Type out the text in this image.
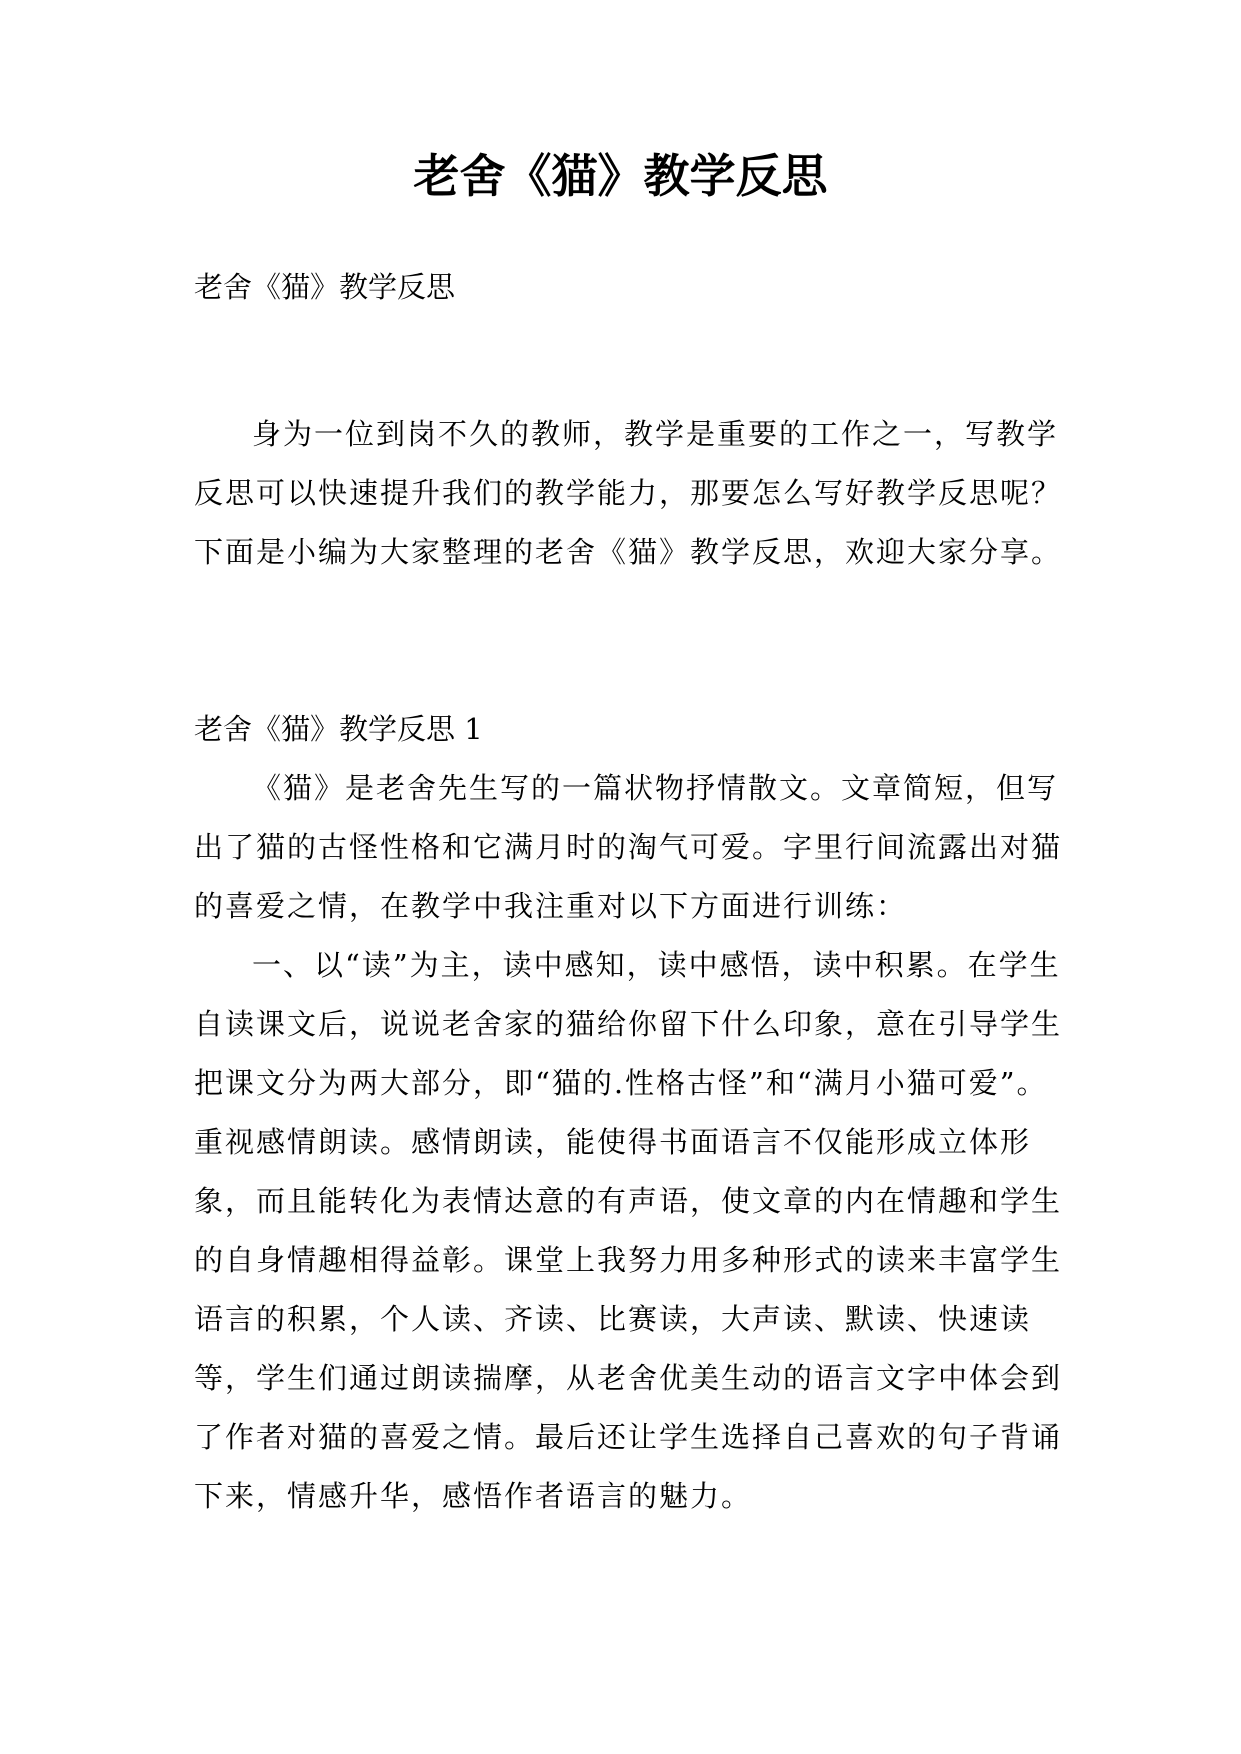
老舍《猫》教学反思

老舍《猫》教学反思

身为一位到岗不久的教师，教学是重要的工作之一，写教学反思可以快速提升我们的教学能力，那要怎么写好教学反思呢？下面是小编为大家整理的老舍《猫》教学反思，欢迎大家分享。

老舍《猫》教学反思 1

《猫》是老舍先生写的一篇状物抒情散文。文章简短，但写出了猫的古怪性格和它满月时的淘气可爱。字里行间流露出对猫的喜爱之情，在教学中我注重对以下方面进行训练：

一、以“读”为主，读中感知，读中感悟，读中积累。在学生自读课文后，说说老舍家的猫给你留下什么印象，意在引导学生把课文分为两大部分，即“猫的.性格古怪”和“满月小猫可爱”。重视感情朗读。感情朗读，能使得书面语言不仅能形成立体形象，而且能转化为表情达意的有声语，使文章的内在情趣和学生的自身情趣相得益彰。课堂上我努力用多种形式的读来丰富学生语言的积累，个人读、齐读、比赛读，大声读、默读、快速读等，学生们通过朗读揣摩，从老舍优美生动的语言文字中体会到了作者对猫的喜爱之情。最后还让学生选择自己喜欢的句子背诵下来，情感升华，感悟作者语言的魅力。
